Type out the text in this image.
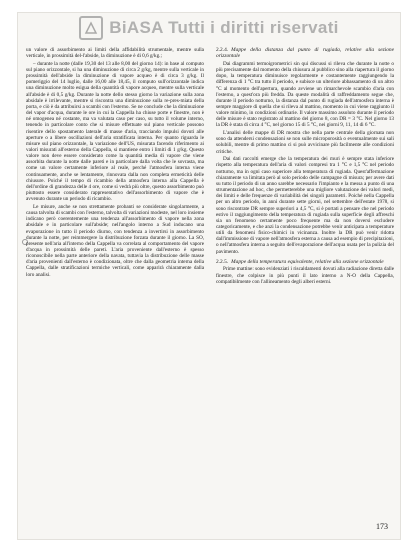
BiASA Tutti i diritti riservati

un valore di assorbimento ai limiti della affidabilità strumentale, mentre sulla verticale, in prossimità del-l'abside, la diminuzione è di 0,6 g/kg.;

– durante la notte (dalle 19,30 del 13 alle 8,00 del giorno 14): in base al computo sul piano orizzontale, si ha una diminuzione di circa 2 g/kg, mentre sulla verticale in prossimità dell'abside la diminuzione di vapore acqueo è di circa 3 g/kg. Il pomeriggio del 14 luglio, dalle 16,00 alle 18,45, il computo sull'orizzontale indica una diminuzione molto esigua della quantità di vapore acqueo, mentre sulla verticale all'abside è di 0,5 g/kg. Durante la notte dello stesso giorno la variazione sulla zona absidale è irrilevante, mentre si riscontra una diminuzione sulla re-pres-miata della porta, e ciò è da attribuirsi a scambi con l'esterno. Se ne conclude che la diminuzione del vapor d'acqua, durante le ore in cui la Cappella ha chiuse porte e finestre, non è né omogenea né costante, ma va valutata caso per caso, su tutto il volume interno, tenendo in particolare conto che si misure effettuate sul piano verticale possono risentire dello spostamento laterale di masse d'aria, tracciando impulsi dovuti alle aperture o a libere oscillazioni dell'aria stratificata interna. Per quanto riguarda le misure sul piano orizzontale, la variazione dell'US, misurata facendo riferimento ai valori misurati all'esterno della Cappella, si mantiene entro i limiti di 1 g/kg. Questo valore non deve essere considerato come la quantità media di vapore che viene assorbita durante la notte dalle pareti e in particolare dalla volta che le sovrasta, ma come un valore certamente inferiore al reale, perché l'atmosfera interna viene continuamente, anche se lentamente, rinnovata dalla non completa ermeticità delle chiusure. Poiché il tempo di ricambio della atmosfera interna alla Cappella è dell'ordine di grandezza delle 4 ore, come si vedrà più oltre, questo assorbimento può piuttosto essere considerato rappresentativo dell'assorbimento di vapore che è avvenuto durante un periodo di ricambio.

Le misure, anche se non strettamente probanti se considerate singolarmente, a causa talvolta di scambi con l'esterno, talvolta di variazioni modeste, nel loro insieme indicano però coerentemente una tendenza all'assorbimento di vapore nella zona absidale e in particolare sull'abside; nell'angolo interno a Sud inducano una evaporazione in tutto il periodo diurno, con tendenza a invertirsi in assorbimento durante la notte, per reimmergere la distribuzione forzata durante il giorno. La SO, presente nell'aria all'interno della Cappella va correlata al comportamento del vapore d'acqua in prossimità delle pareti. L'aria proveniente dall'esterno è spesso riconoscibile nella parte anteriore della navata, tuttavia la distribuzione delle masse d'aria provenienti dall'esterno è condizionata, oltre che dalla geometria interna della Cappella, dalle stratificazioni termiche verticali, come apparirà chiaramente dalla loro analisi.

2.2.4. Mappe della distanza dal punto di rugiada, relative alla sezione orizzontale

Dai diagrammi termoigrometrici sin qui discussi si rileva che durante la notte o più precisamente dal momento della chiusura al pubblico sino alla riapertura il giorno dopo, la temperatura diminuisce regolarmente e costantemente raggiungendo la differenza di 1 °C tra tutto il periodo, e subisce un ulteriore abbassamento di un altro °C al momento dell'apertura, quando avviene un rimarchevole scambio d'aria con l'esterno, a quest'ora più fredda. Da queste modalità di raffreddamento segue che, durante il periodo notturno, la distanza dal punto di rugiada dell'atmosfera interna è sempre maggiore di quella che si rileva al mattino, momento in cui viene raggiunto il valore minimo, in condizioni ordinarie. Il valore massimo assoluto durante il periodo delle misure è stato registrato al mattino del giorno 8, con DR = 3 °C. Nel giorno 13 la DR è stata di circa 4 °C, nel giorno 15 di 5 °C, nei giorni 9, 11, 14 di 6 °C.

L'analisi delle mappe di DR mostra che nella parte centrale della giornata non sono da attendersi condensazioni se non sulle microporosità o eventualmente sui sali solubili, mentre di primo mattino ci si può avvicinare più facilmente alle condizioni critiche.

Dai dati raccolti emerge che la temperatura dei muri è sempre stata inferiore rispetto alla temperatura dell'aria di valori compresi tra 1 °C e 1,5 °C nel periodo notturno, ma in ogni caso superiore alla temperatura di rugiada. Quest'affermazione chiaramente va limitata però al solo periodo delle campagne di misura; per avere dati su tutto il periodo di un anno sarebbe necessario l'impianto e la messa a punto di una strumentazione ad hoc, che permetterebbe una migliore valutazione dei valori medi, dei limiti e delle frequenze di variabilità dei singoli parametri. Poiché nella Cappella per un altro periodo, in anni durante sette giorni, nel settembre dell'estate 1978, si sono riscontrate DR sempre superiori a 4,5 °C, si è portati a pensare che nel periodo estivo il raggiungimento della temperatura di rugiada sulla superficie degli affreschi sia un fenomeno certamente poco frequente ma da non doversi escludere categoricamente, e che anzi la condensazione potrebbe venir anticipata a temperature utili da fenomeni fisico-chimici in vicinanza. Inoltre la DR può venir ridotta dall'immissione di vapore nell'atmosfera esterna a causa ad esempio di precipitazioni, o nell'atmosfera interna a seguito dell'evaporazione dell'acqua usata per la pulizia del pavimento.

2.2.5. Mappe della temperatura equivalente, relative alla sezione orizzontale

Prime mattine: sono evidenziati i riscaldamenti dovuti alla radiazione diretta dalle finestre, che colpisce in più punti il lato interno a N-O della Cappella, compatibilmente con l'allineamento degli alberi esterni.

173
